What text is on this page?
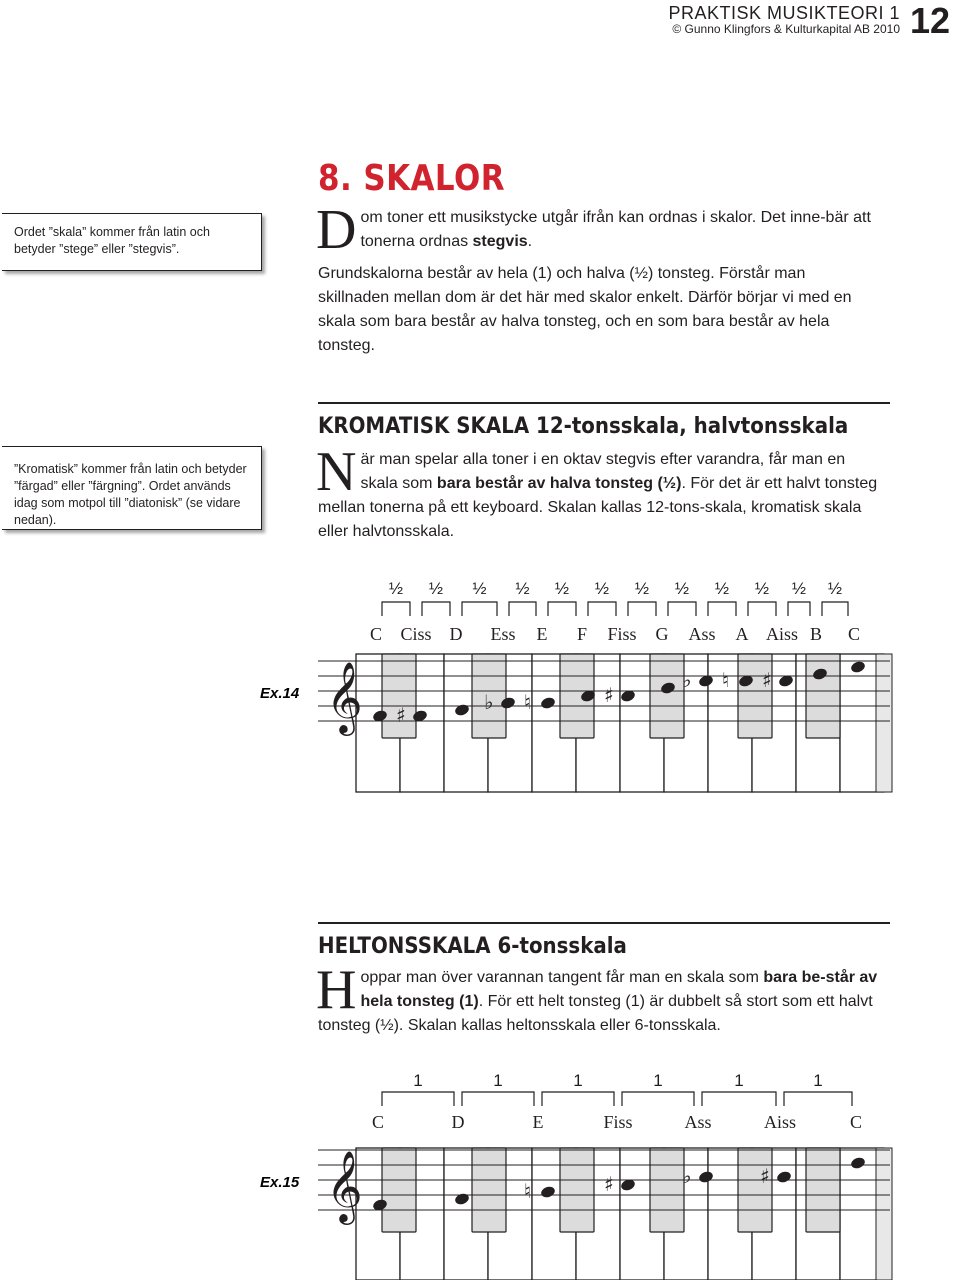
PRAKTISK MUSIKTEORI 1
© Gunno Klingfors & Kulturkapital AB 2010 12
Ordet ”skala” kommer från latin och betyder ”stege” eller ”stegvis”.
”Kromatisk” kommer från latin och betyder ”färgad” eller ”färgning”. Ordet används idag som motpol till ”diatonisk” (se vidare nedan).
8. SKALOR
Dom toner ett musikstycke utgår ifrån kan ordnas i skalor. Det inne-bär att tonerna ordnas stegvis.
Grundskalorna består av hela (1) och halva (½) tonsteg. Förstår man skillnaden mellan dom är det här med skalor enkelt. Därför börjar vi med en skala som bara består av halva tonsteg, och en som bara består av hela tonsteg.
KROMATISK SKALA 12-tonsskala, halvtonsskala
När man spelar alla toner i en oktav stegvis efter varandra, får man en skala som bara består av halva tonsteg (½). För det är ett halvt tonsteg mellan tonerna på ett keyboard. Skalan kallas 12-tons-skala, kromatisk skala eller halvtonsskala.
½ ½ ½ ½ ½ ½ ½ ½ ½ ½ ½ ½
C Ciss D Ess E F Fiss G Ass A Aiss B C
𝄞 ♯
♭ ♮	♯
♭ ♮ ♯
Ex.14
HELTONSSKALA 6-tonsskala
Hoppar man över varannan tangent får man en skala som bara be-står av hela tonsteg (1). För ett helt tonsteg (1) är dubbelt så stort som ett halvt tonsteg (½). Skalan kallas heltonsskala eller 6-tonsskala.
1	1	1	1	1	1
C	D	E	Fiss	Ass	Aiss	C
𝄞	♮	♯	♭	♯
Ex.15
